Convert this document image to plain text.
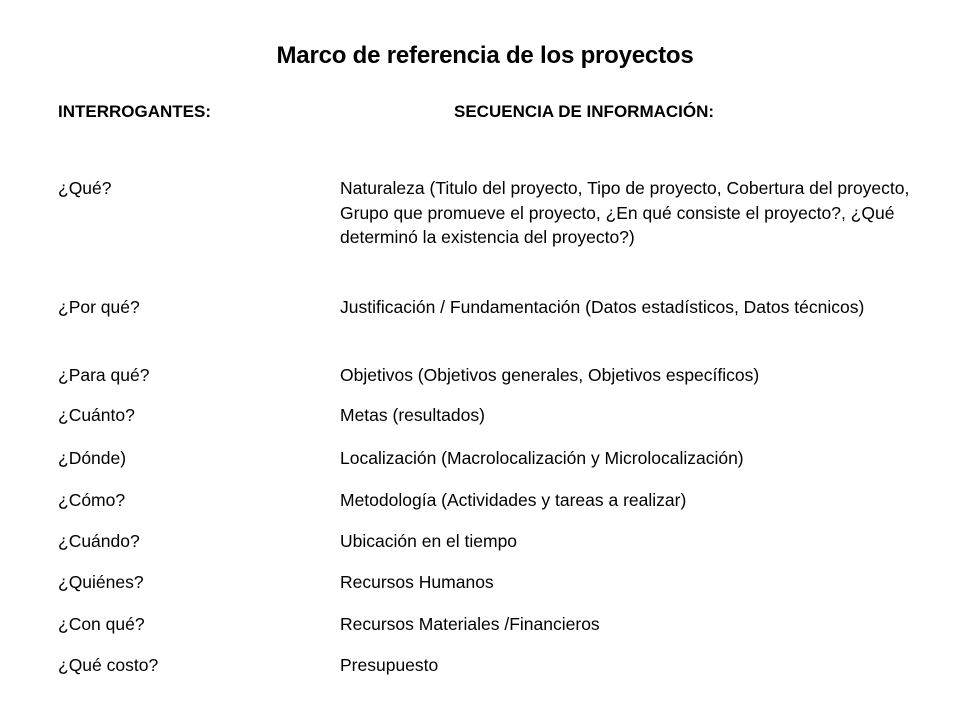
Marco de referencia de los proyectos
INTERROGANTES:	SECUENCIA DE INFORMACIÓN:
¿Qué?	Naturaleza (Titulo del proyecto, Tipo de proyecto, Cobertura del proyecto, Grupo que promueve el proyecto, ¿En qué consiste el proyecto?, ¿Qué determinó la existencia del proyecto?)
¿Por qué?	Justificación / Fundamentación (Datos estadísticos, Datos técnicos)
¿Para qué?	Objetivos (Objetivos generales, Objetivos específicos)
¿Cuánto?	Metas (resultados)
¿Dónde)	Localización (Macrolocalización y Microlocalización)
¿Cómo?	Metodología (Actividades y tareas a realizar)
¿Cuándo?	Ubicación en el tiempo
¿Quiénes?	Recursos Humanos
¿Con qué?	Recursos Materiales /Financieros
¿Qué costo?	Presupuesto
